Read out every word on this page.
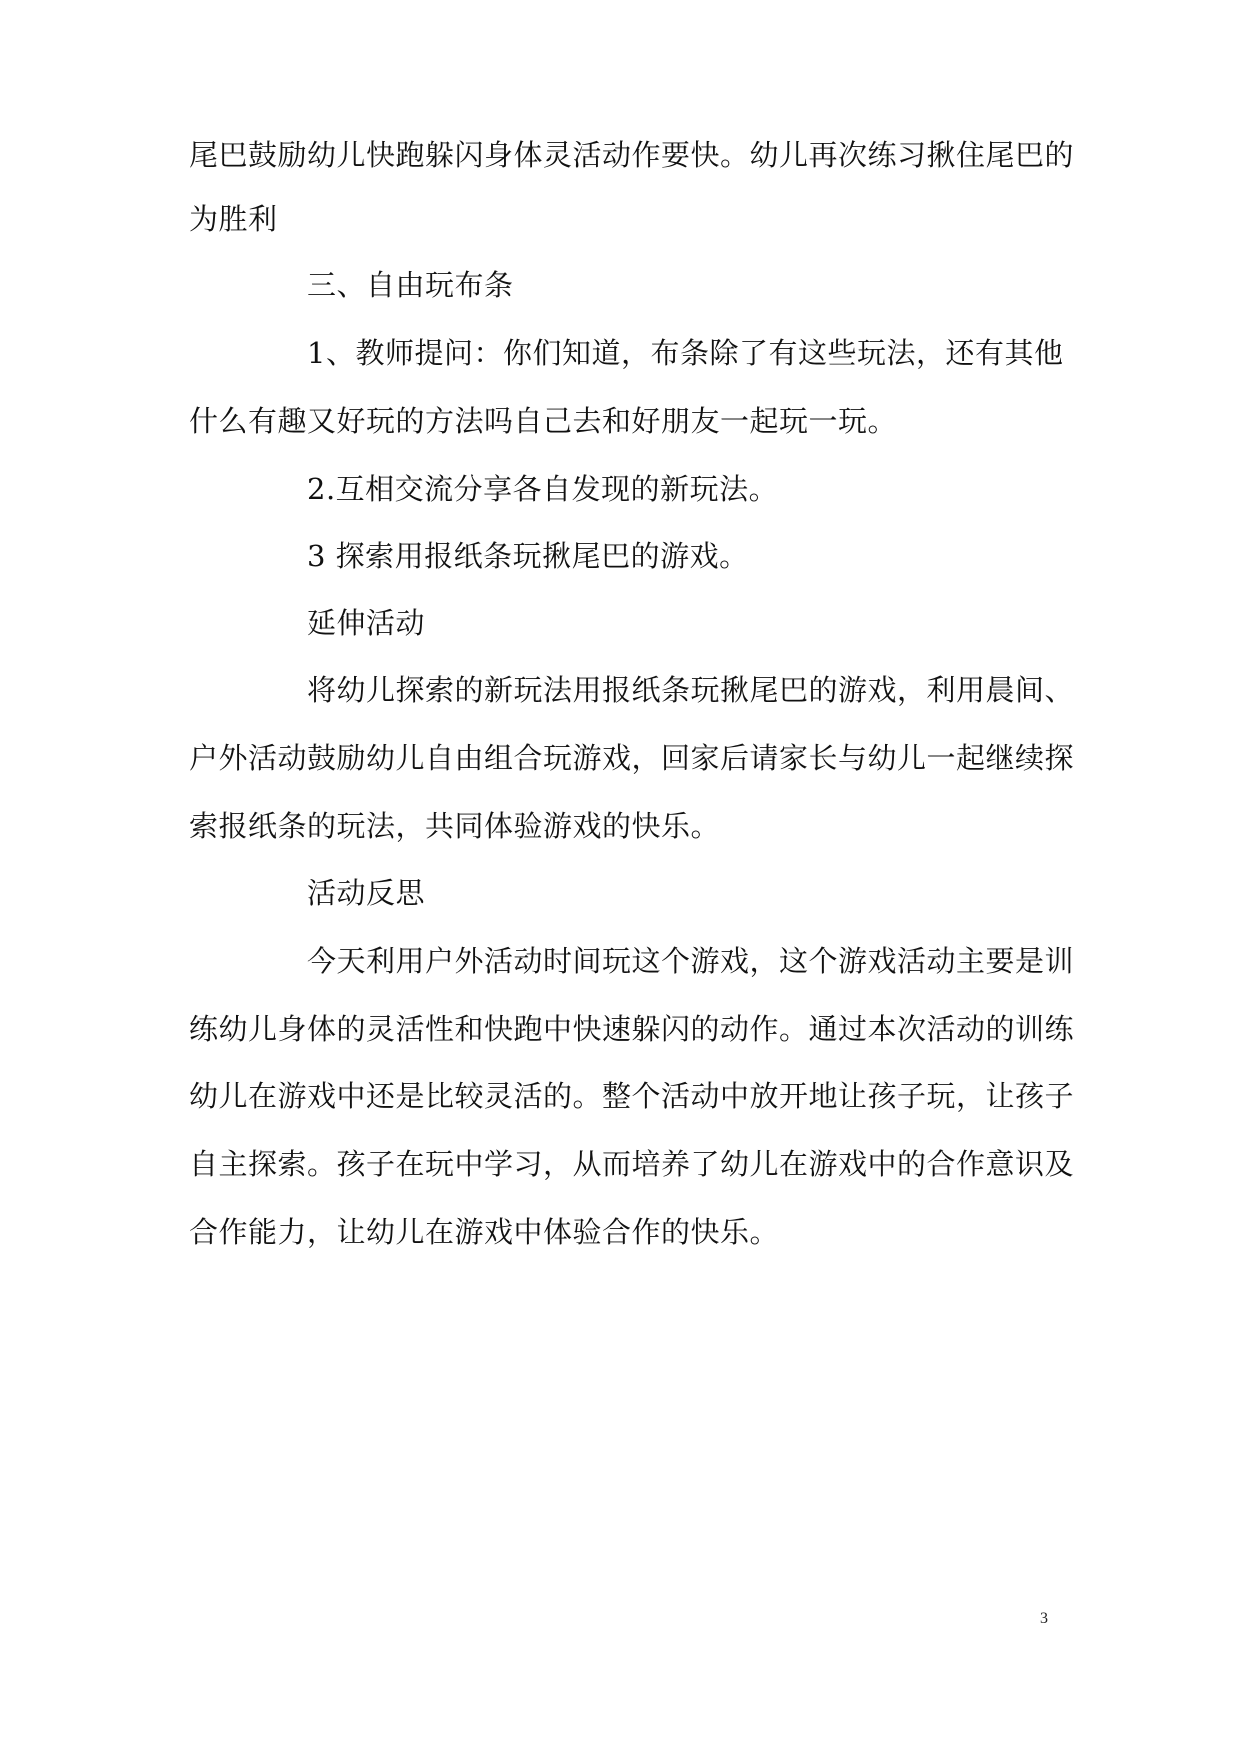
尾巴鼓励幼儿快跑躲闪身体灵活动作要快。幼儿再次练习揪住尾巴的
为胜利
三、自由玩布条
1、教师提问：你们知道，布条除了有这些玩法，还有其他
什么有趣又好玩的方法吗自己去和好朋友一起玩一玩。
2.互相交流分享各自发现的新玩法。
3 探索用报纸条玩揪尾巴的游戏。
延伸活动
将幼儿探索的新玩法用报纸条玩揪尾巴的游戏，利用晨间、
户外活动鼓励幼儿自由组合玩游戏，回家后请家长与幼儿一起继续探
索报纸条的玩法，共同体验游戏的快乐。
活动反思
今天利用户外活动时间玩这个游戏，这个游戏活动主要是训
练幼儿身体的灵活性和快跑中快速躲闪的动作。通过本次活动的训练
幼儿在游戏中还是比较灵活的。整个活动中放开地让孩子玩，让孩子
自主探索。孩子在玩中学习，从而培养了幼儿在游戏中的合作意识及
合作能力，让幼儿在游戏中体验合作的快乐。
3
